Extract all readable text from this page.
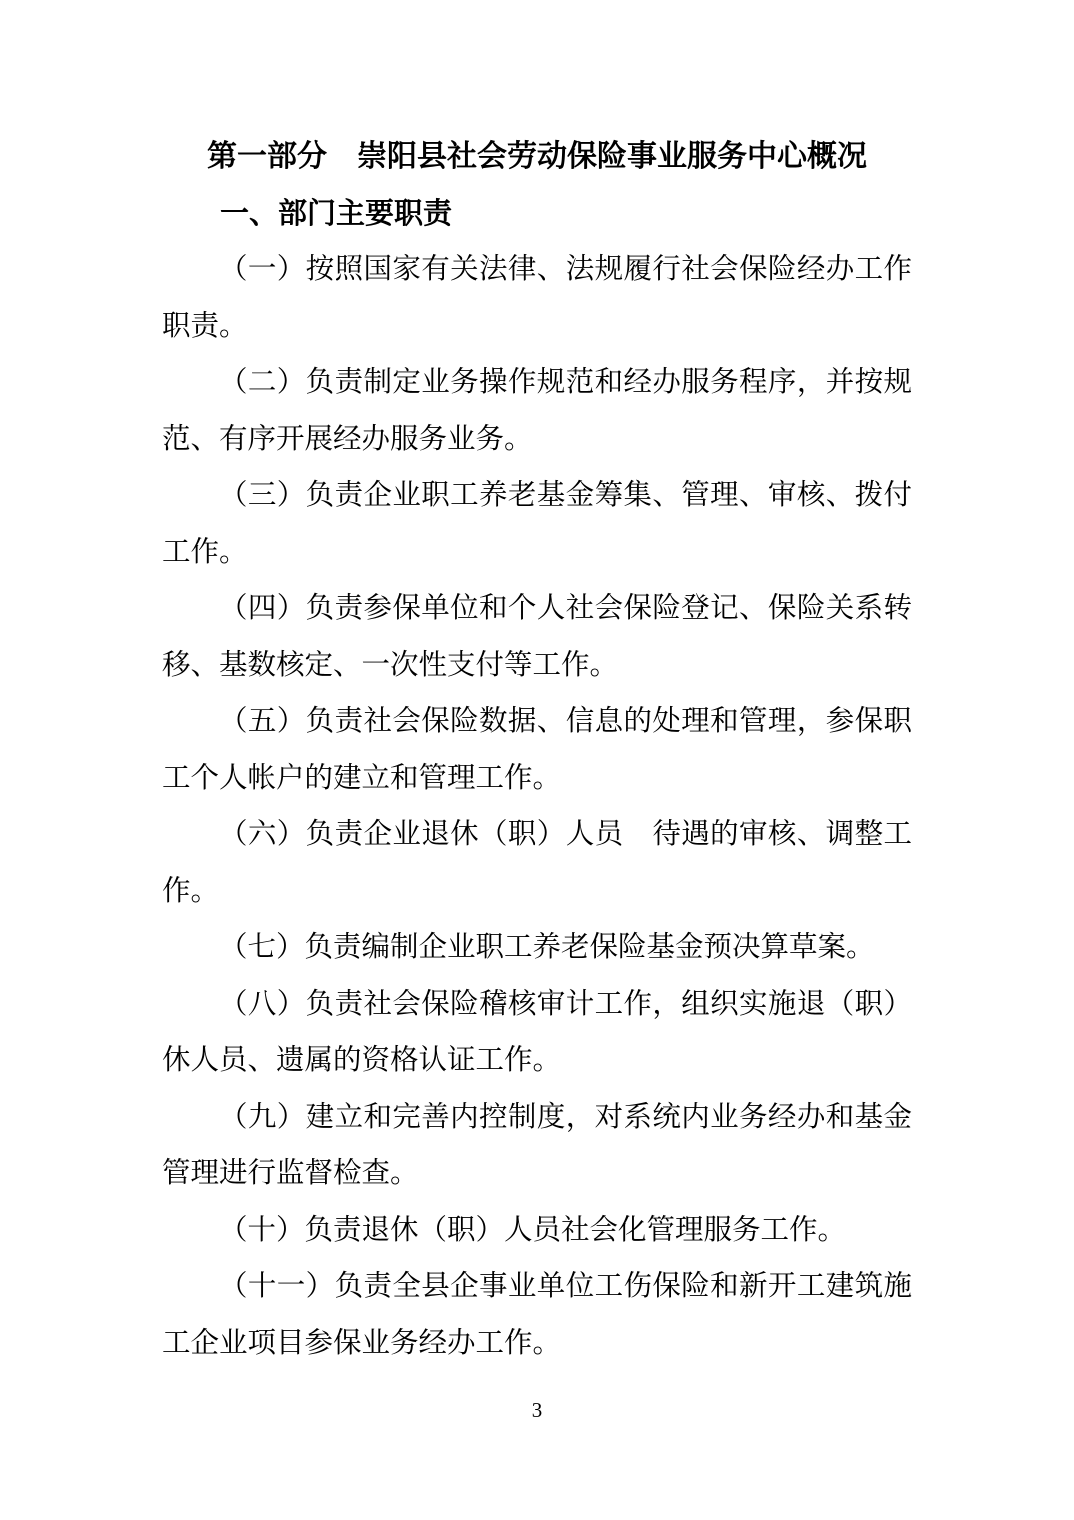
第一部分　崇阳县社会劳动保险事业服务中心概况
一、部门主要职责

（一）按照国家有关法律、法规履行社会保险经办工作职责。

（二）负责制定业务操作规范和经办服务程序，并按规范、有序开展经办服务业务。

（三）负责企业职工养老基金筹集、管理、审核、拨付工作。

（四）负责参保单位和个人社会保险登记、保险关系转移、基数核定、一次性支付等工作。

（五）负责社会保险数据、信息的处理和管理，参保职工个人帐户的建立和管理工作。

（六）负责企业退休（职）人员　待遇的审核、调整工作。

（七）负责编制企业职工养老保险基金预决算草案。

（八）负责社会保险稽核审计工作，组织实施退（职）休人员、遗属的资格认证工作。

（九）建立和完善内控制度，对系统内业务经办和基金管理进行监督检查。

（十）负责退休（职）人员社会化管理服务工作。

（十一）负责全县企事业单位工伤保险和新开工建筑施工企业项目参保业务经办工作。

3
